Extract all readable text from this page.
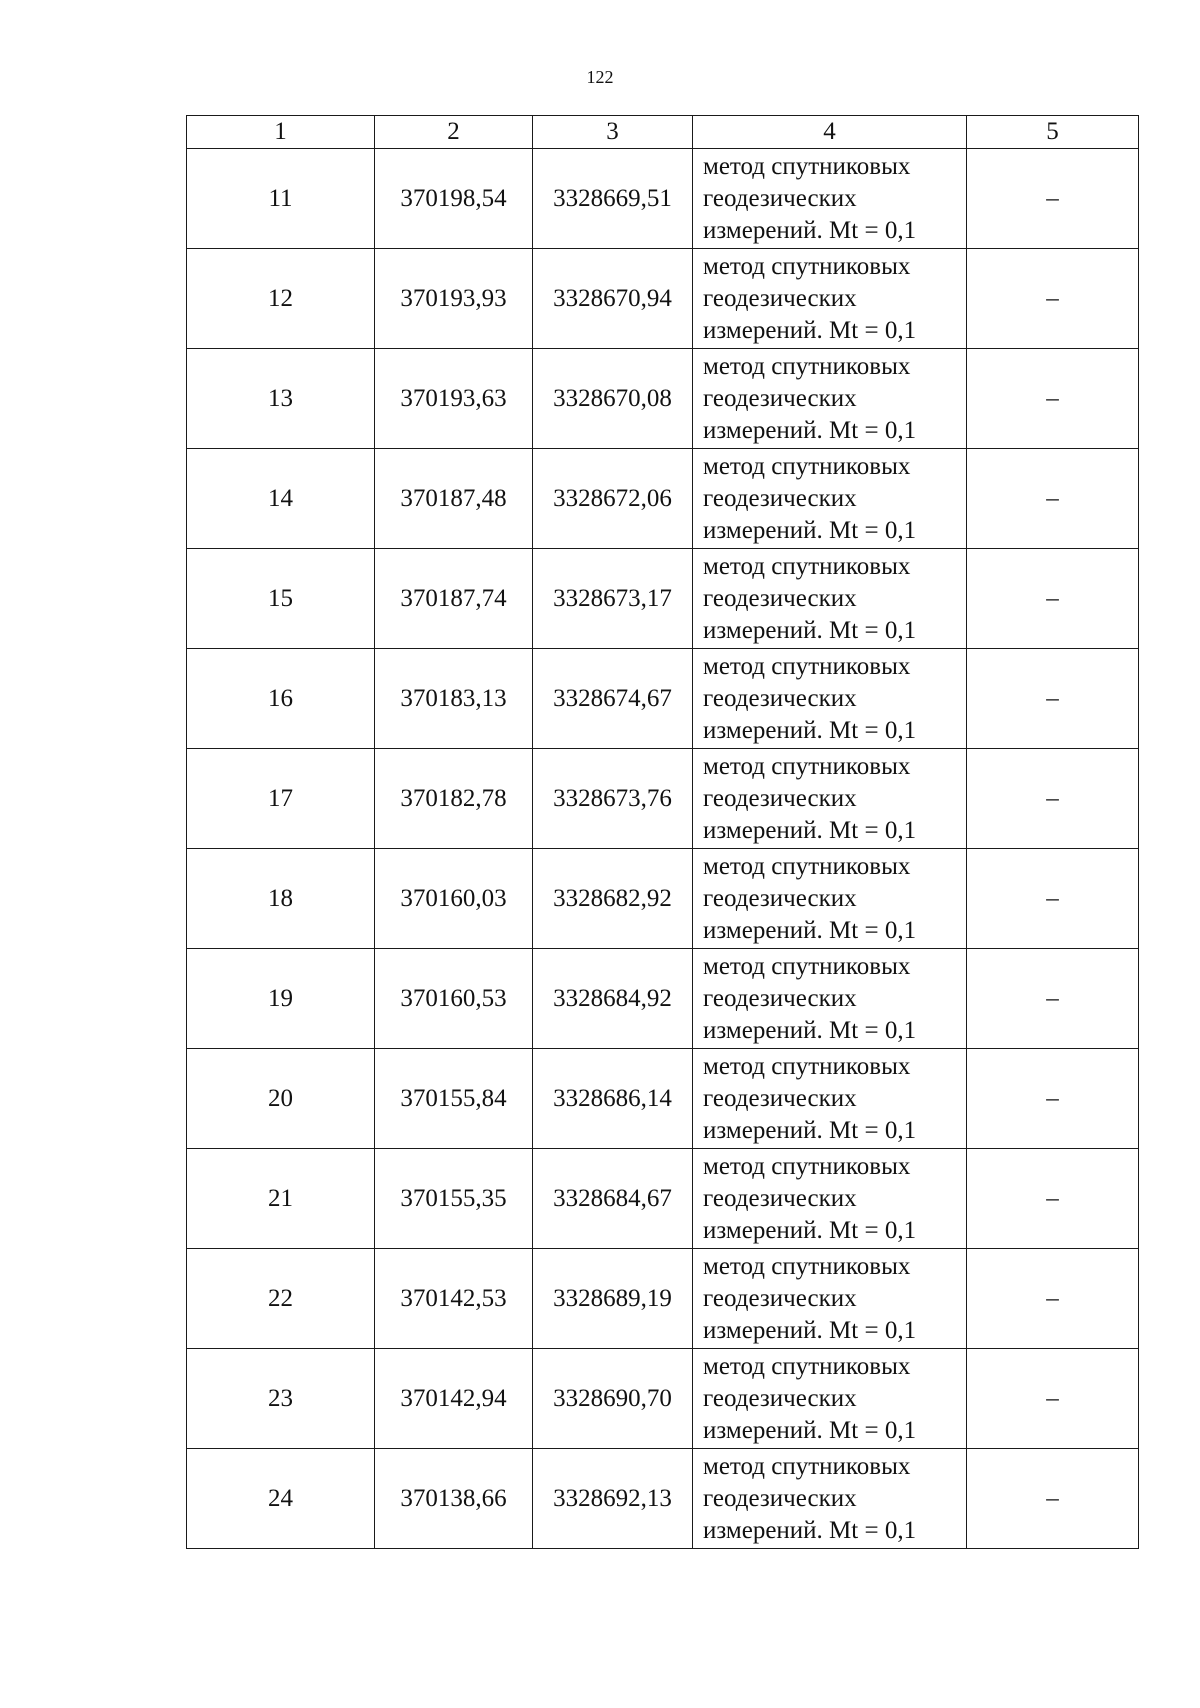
122
1	2	3	4	5
11	370198,54	3328669,51	метод спутниковых геодезических измерений. Mt = 0,1	–
12	370193,93	3328670,94	метод спутниковых геодезических измерений. Mt = 0,1	–
13	370193,63	3328670,08	метод спутниковых геодезических измерений. Mt = 0,1	–
14	370187,48	3328672,06	метод спутниковых геодезических измерений. Mt = 0,1	–
15	370187,74	3328673,17	метод спутниковых геодезических измерений. Mt = 0,1	–
16	370183,13	3328674,67	метод спутниковых геодезических измерений. Mt = 0,1	–
17	370182,78	3328673,76	метод спутниковых геодезических измерений. Mt = 0,1	–
18	370160,03	3328682,92	метод спутниковых геодезических измерений. Mt = 0,1	–
19	370160,53	3328684,92	метод спутниковых геодезических измерений. Mt = 0,1	–
20	370155,84	3328686,14	метод спутниковых геодезических измерений. Mt = 0,1	–
21	370155,35	3328684,67	метод спутниковых геодезических измерений. Mt = 0,1	–
22	370142,53	3328689,19	метод спутниковых геодезических измерений. Mt = 0,1	–
23	370142,94	3328690,70	метод спутниковых геодезических измерений. Mt = 0,1	–
24	370138,66	3328692,13	метод спутниковых геодезических измерений. Mt = 0,1	–
